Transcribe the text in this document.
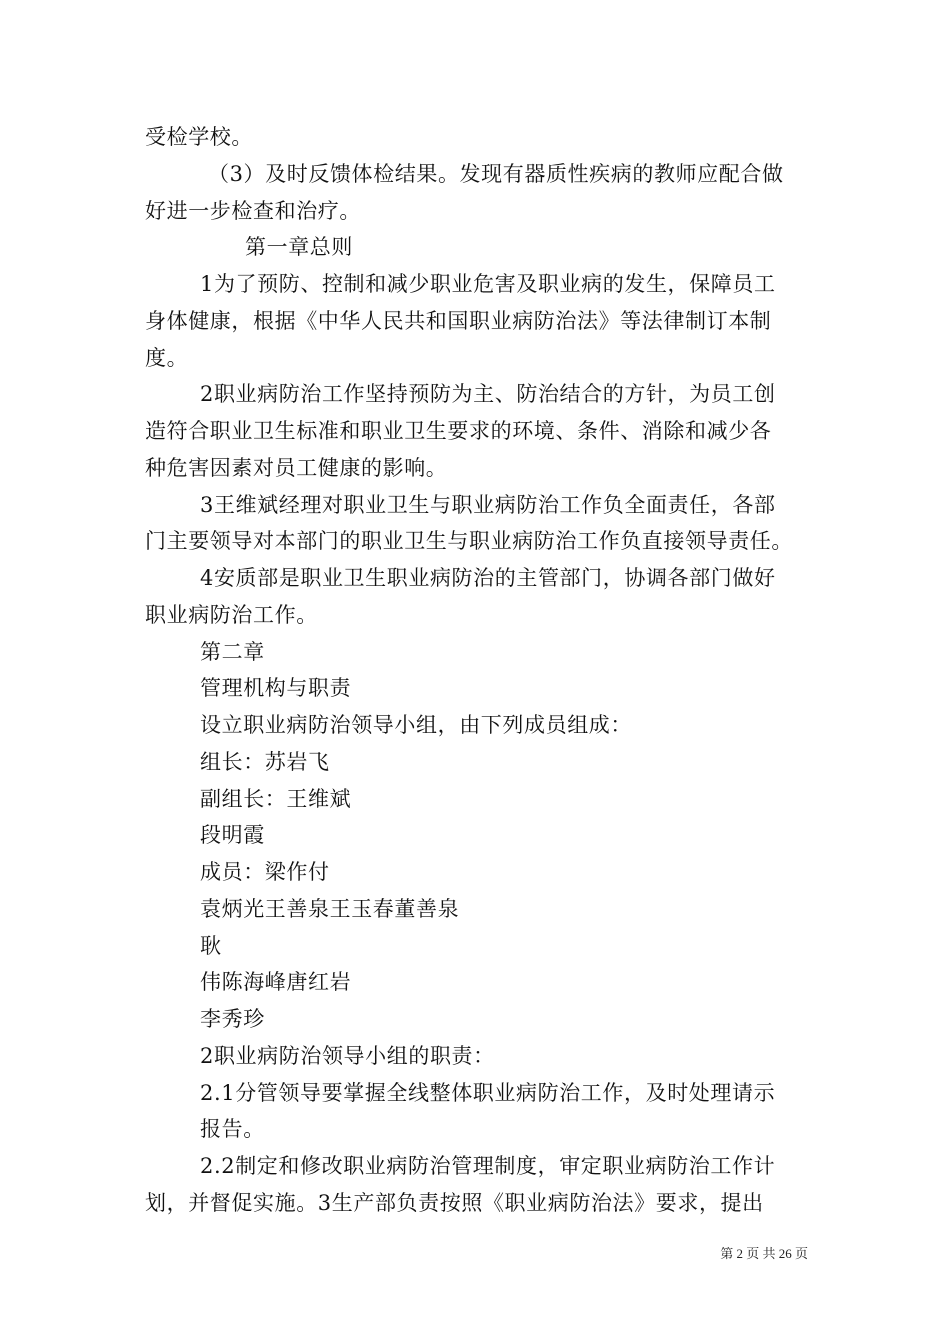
受检学校。
（3）及时反馈体检结果。发现有器质性疾病的教师应配合做
好进一步检查和治疗。
第一章总则
1为了预防、控制和减少职业危害及职业病的发生，保障员工
身体健康，根据《中华人民共和国职业病防治法》等法律制订本制
度。
2职业病防治工作坚持预防为主、防治结合的方针，为员工创
造符合职业卫生标准和职业卫生要求的环境、条件、消除和减少各
种危害因素对员工健康的影响。
3王维斌经理对职业卫生与职业病防治工作负全面责任，各部
门主要领导对本部门的职业卫生与职业病防治工作负直接领导责任。
4安质部是职业卫生职业病防治的主管部门，协调各部门做好
职业病防治工作。
第二章
管理机构与职责
设立职业病防治领导小组，由下列成员组成：
组长：苏岩飞
副组长：王维斌
段明霞
成员：梁作付
袁炳光王善泉王玉春董善泉
耿
伟陈海峰唐红岩
李秀珍
2职业病防治领导小组的职责：
2.1分管领导要掌握全线整体职业病防治工作，及时处理请示
报告。
2.2制定和修改职业病防治管理制度，审定职业病防治工作计
划，并督促实施。3生产部负责按照《职业病防治法》要求，提出
第 2 页 共 26 页
